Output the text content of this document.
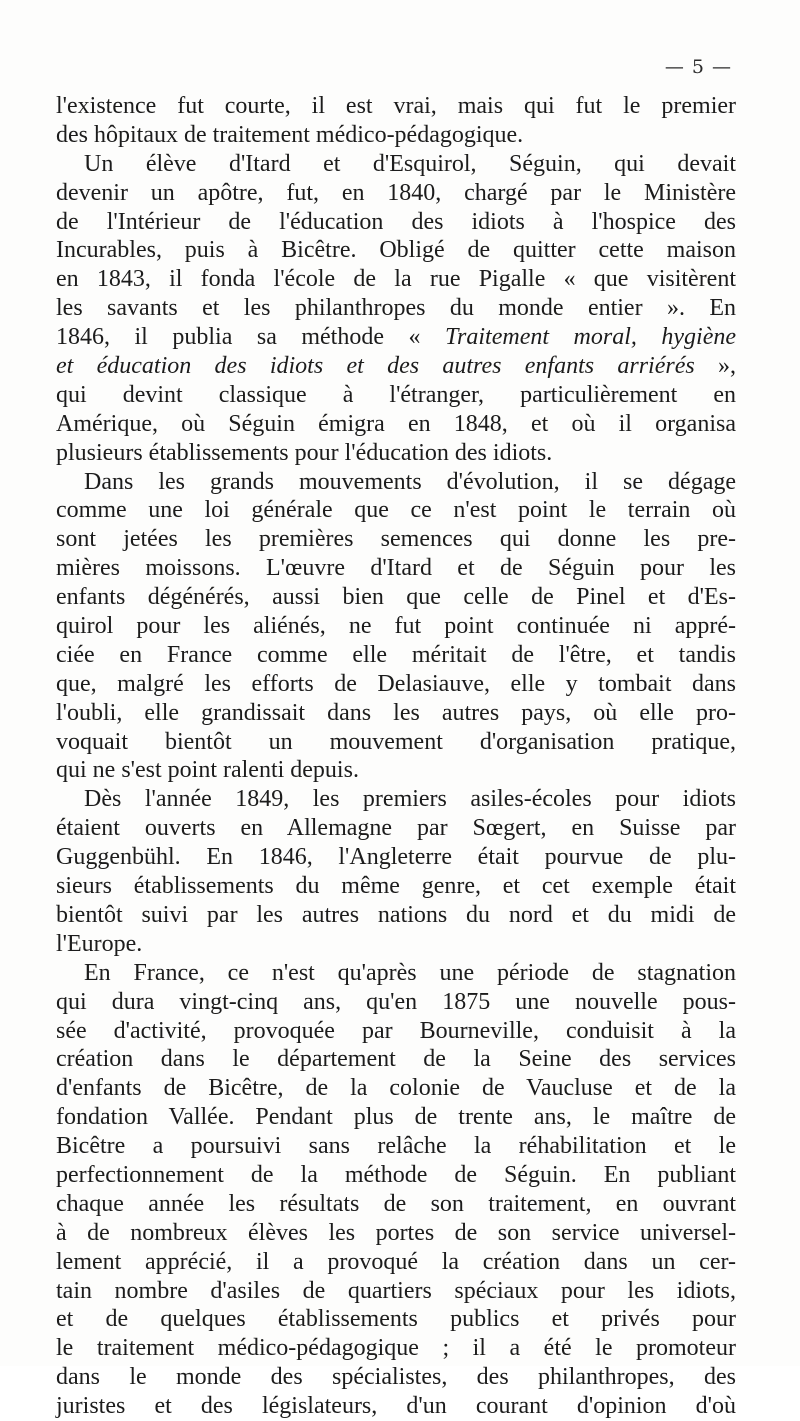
— 5 —
l'existence fut courte, il est vrai, mais qui fut le premier
des hôpitaux de traitement médico-pédagogique.
Un élève d'Itard et d'Esquirol, Séguin, qui devait
devenir un apôtre, fut, en 1840, chargé par le Ministère
de l'Intérieur de l'éducation des idiots à l'hospice des
Incurables, puis à Bicêtre. Obligé de quitter cette maison
en 1843, il fonda l'école de la rue Pigalle « que visitèrent
les savants et les philanthropes du monde entier ». En
1846, il publia sa méthode « Traitement moral, hygiène
et éducation des idiots et des autres enfants arriérés »,
qui devint classique à l'étranger, particulièrement en
Amérique, où Séguin émigra en 1848, et où il organisa
plusieurs établissements pour l'éducation des idiots.
Dans les grands mouvements d'évolution, il se dégage
comme une loi générale que ce n'est point le terrain où
sont jetées les premières semences qui donne les pre-
mières moissons. L'œuvre d'Itard et de Séguin pour les
enfants dégénérés, aussi bien que celle de Pinel et d'Es-
quirol pour les aliénés, ne fut point continuée ni appré-
ciée en France comme elle méritait de l'être, et tandis
que, malgré les efforts de Delasiauve, elle y tombait dans
l'oubli, elle grandissait dans les autres pays, où elle pro-
voquait bientôt un mouvement d'organisation pratique,
qui ne s'est point ralenti depuis.
Dès l'année 1849, les premiers asiles-écoles pour idiots
étaient ouverts en Allemagne par Sœgert, en Suisse par
Guggenbühl. En 1846, l'Angleterre était pourvue de plu-
sieurs établissements du même genre, et cet exemple était
bientôt suivi par les autres nations du nord et du midi de
l'Europe.
En France, ce n'est qu'après une période de stagnation
qui dura vingt-cinq ans, qu'en 1875 une nouvelle pous-
sée d'activité, provoquée par Bourneville, conduisit à la
création dans le département de la Seine des services
d'enfants de Bicêtre, de la colonie de Vaucluse et de la
fondation Vallée. Pendant plus de trente ans, le maître de
Bicêtre a poursuivi sans relâche la réhabilitation et le
perfectionnement de la méthode de Séguin. En publiant
chaque année les résultats de son traitement, en ouvrant
à de nombreux élèves les portes de son service universel-
lement apprécié, il a provoqué la création dans un cer-
tain nombre d'asiles de quartiers spéciaux pour les idiots,
et de quelques établissements publics et privés pour
le traitement médico-pédagogique ; il a été le promoteur
dans le monde des spécialistes, des philanthropes, des
juristes et des législateurs, d'un courant d'opinion d'où
